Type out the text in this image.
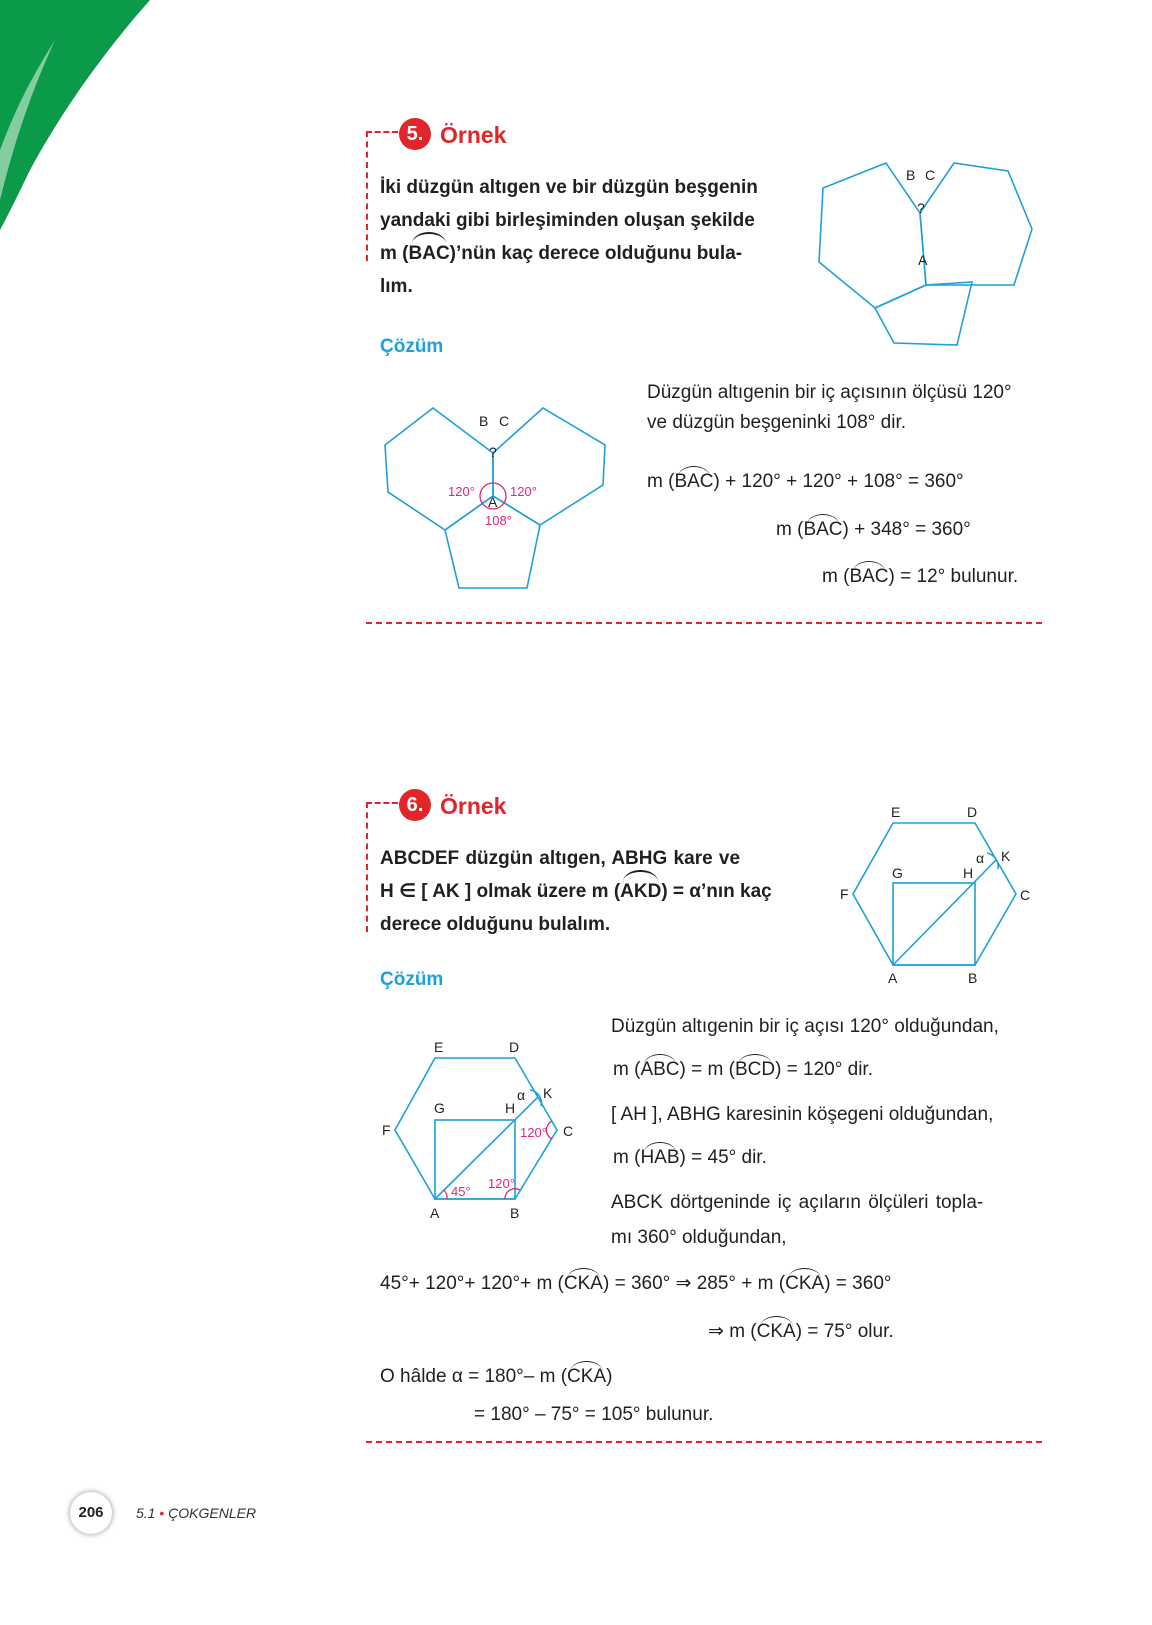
5. Örnek
İki düzgün altıgen ve bir düzgün beşgenin
yandaki gibi birleşiminden oluşan şekilde
m (BAC)’nün kaç derece olduğunu bula-
lım.
B C
?
A
Çözüm
B C
?
A
120°	120°
108°
Düzgün altıgenin bir iç açısının ölçüsü 120°
ve düzgün beşgeninki 108° dir.
m (BAC) + 120° + 120° + 108° = 360°
m (BAC) + 348° = 360°
m (BAC) = 12° bulunur.
6. Örnek
ABCDEF düzgün altıgen, ABHG kare ve
H ∈ [ AK ] olmak üzere m (AKD) = α’nın kaç
derece olduğunu bulalım.
E	D
F	C
G	H
K
A	B
α
Çözüm
E	D
F	C
G	H
K
A	B
α
45°
120°
120°
Düzgün altıgenin bir iç açısı 120° olduğundan,
m (ABC) = m (BCD) = 120° dir.
[ AH ], ABHG karesinin köşegeni olduğundan,
m (HAB) = 45° dir.
ABCK dörtgeninde iç açıların ölçüleri topla-
mı 360° olduğundan,
45°+ 120°+ 120°+ m (CKA) = 360° ⇒ 285° + m (CKA) = 360°
⇒ m (CKA) = 75° olur.
O hâlde α = 180°– m (CKA)
= 180° – 75° = 105° bulunur.
206	5.1 • ÇOKGENLER
